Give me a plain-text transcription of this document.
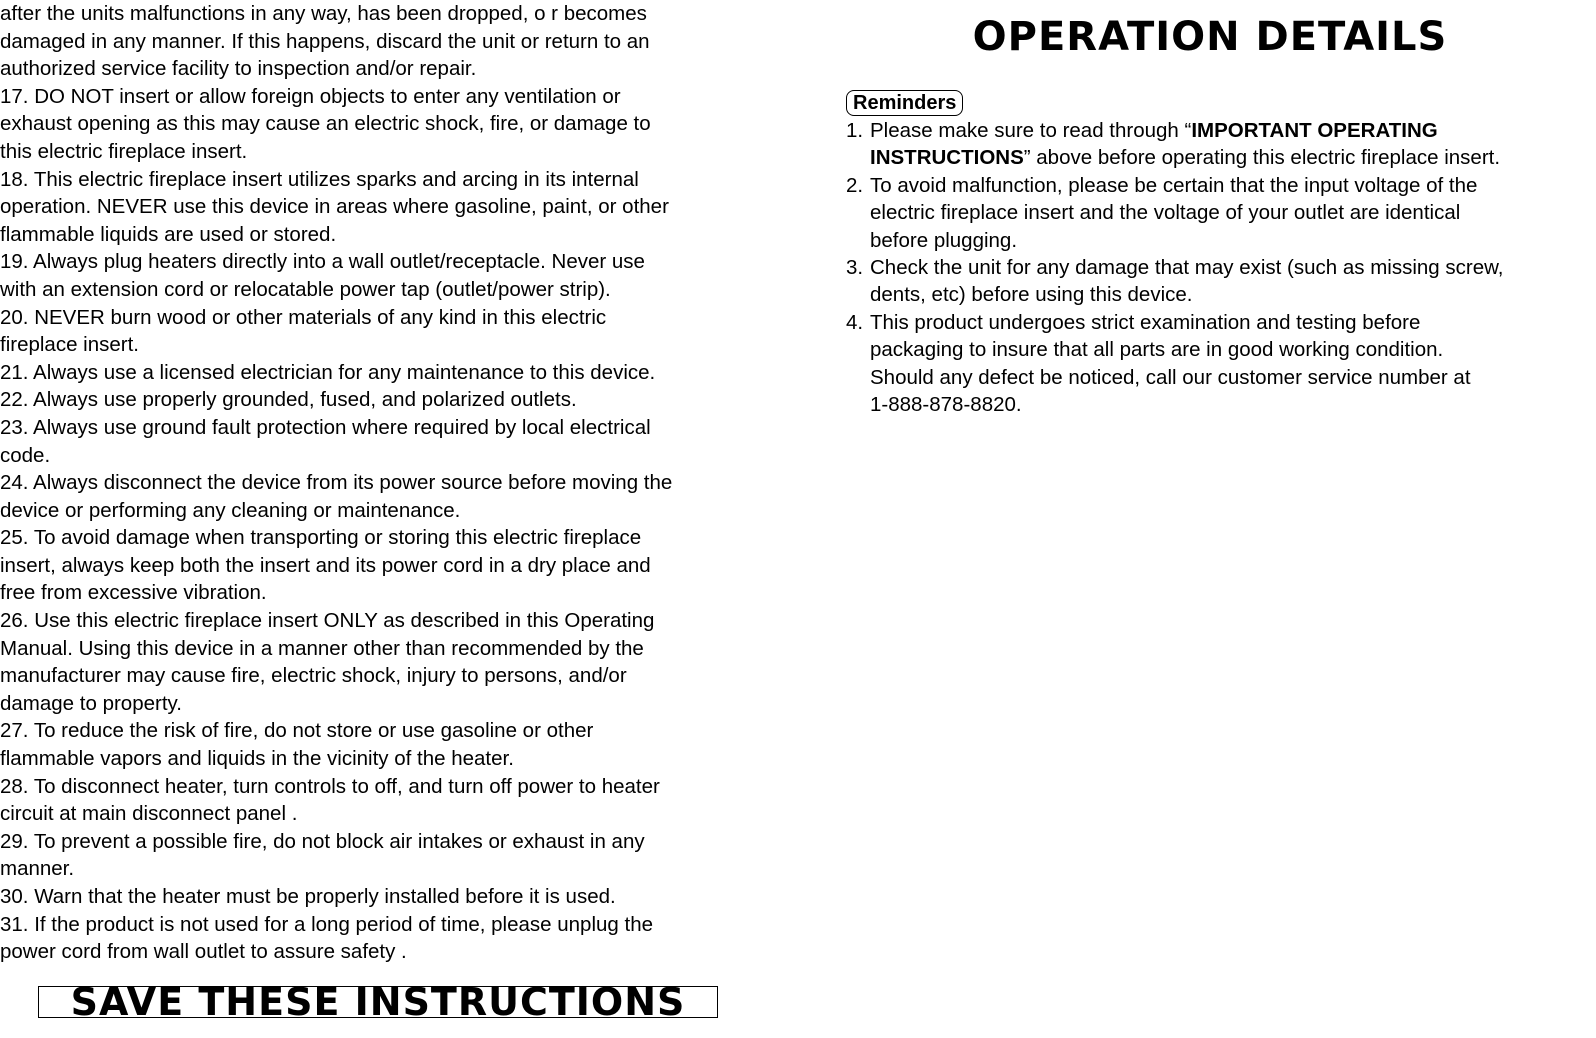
after the units malfunctions in any way, has been dropped, o r becomes
damaged in any manner. If this happens, discard the unit or return to an
authorized service facility to inspection and/or repair.

17. DO NOT insert or allow foreign objects to enter any ventilation or
exhaust opening as this may cause an electric shock, fire, or damage to
this electric fireplace insert.

18. This electric fireplace insert utilizes sparks and arcing in its internal
operation. NEVER use this device in areas where gasoline, paint, or other
flammable liquids are used or stored.

19. Always plug heaters directly into a wall outlet/receptacle. Never use
with an extension cord or relocatable power tap (outlet/power strip).

20. NEVER burn wood or other materials of any kind in this electric
fireplace insert.

21. Always use a licensed electrician for any maintenance to this device.

22. Always use properly grounded, fused, and polarized outlets.

23. Always use ground fault protection where required by local electrical
code.

24. Always disconnect the device from its power source before moving the
device or performing any cleaning or maintenance.

25. To avoid damage when transporting or storing this electric fireplace
insert, always keep both the insert and its power cord in a dry place and
free from excessive vibration.

26. Use this electric fireplace insert ONLY as described in this Operating
Manual. Using this device in a manner other than recommended by the
manufacturer may cause fire, electric shock, injury to persons, and/or
damage to property.

27. To reduce the risk of fire, do not store or use gasoline or other
flammable vapors and liquids in the vicinity of the heater.

28. To disconnect heater, turn controls to off, and turn off power to heater
circuit at main disconnect panel .

29. To prevent a possible fire, do not block air intakes or exhaust in any
manner.

30. Warn that the heater must be properly installed before it is used.

31. If the product is not used for a long period of time, please unplug the
power cord from wall outlet to assure safety .

SAVE THESE INSTRUCTIONS
OPERATION DETAILS
Reminders
1. Please make sure to read through “IMPORTANT OPERATING
INSTRUCTIONS” above before operating this electric fireplace insert.
2. To avoid malfunction, please be certain that the input voltage of the
electric fireplace insert and the voltage of your outlet are identical
before plugging.
3. Check the unit for any damage that may exist (such as missing screw,
dents, etc) before using this device.
4. This product undergoes strict examination and testing before
packaging to insure that all parts are in good working condition.
Should any defect be noticed, call our customer service number at
1-888-878-8820.
